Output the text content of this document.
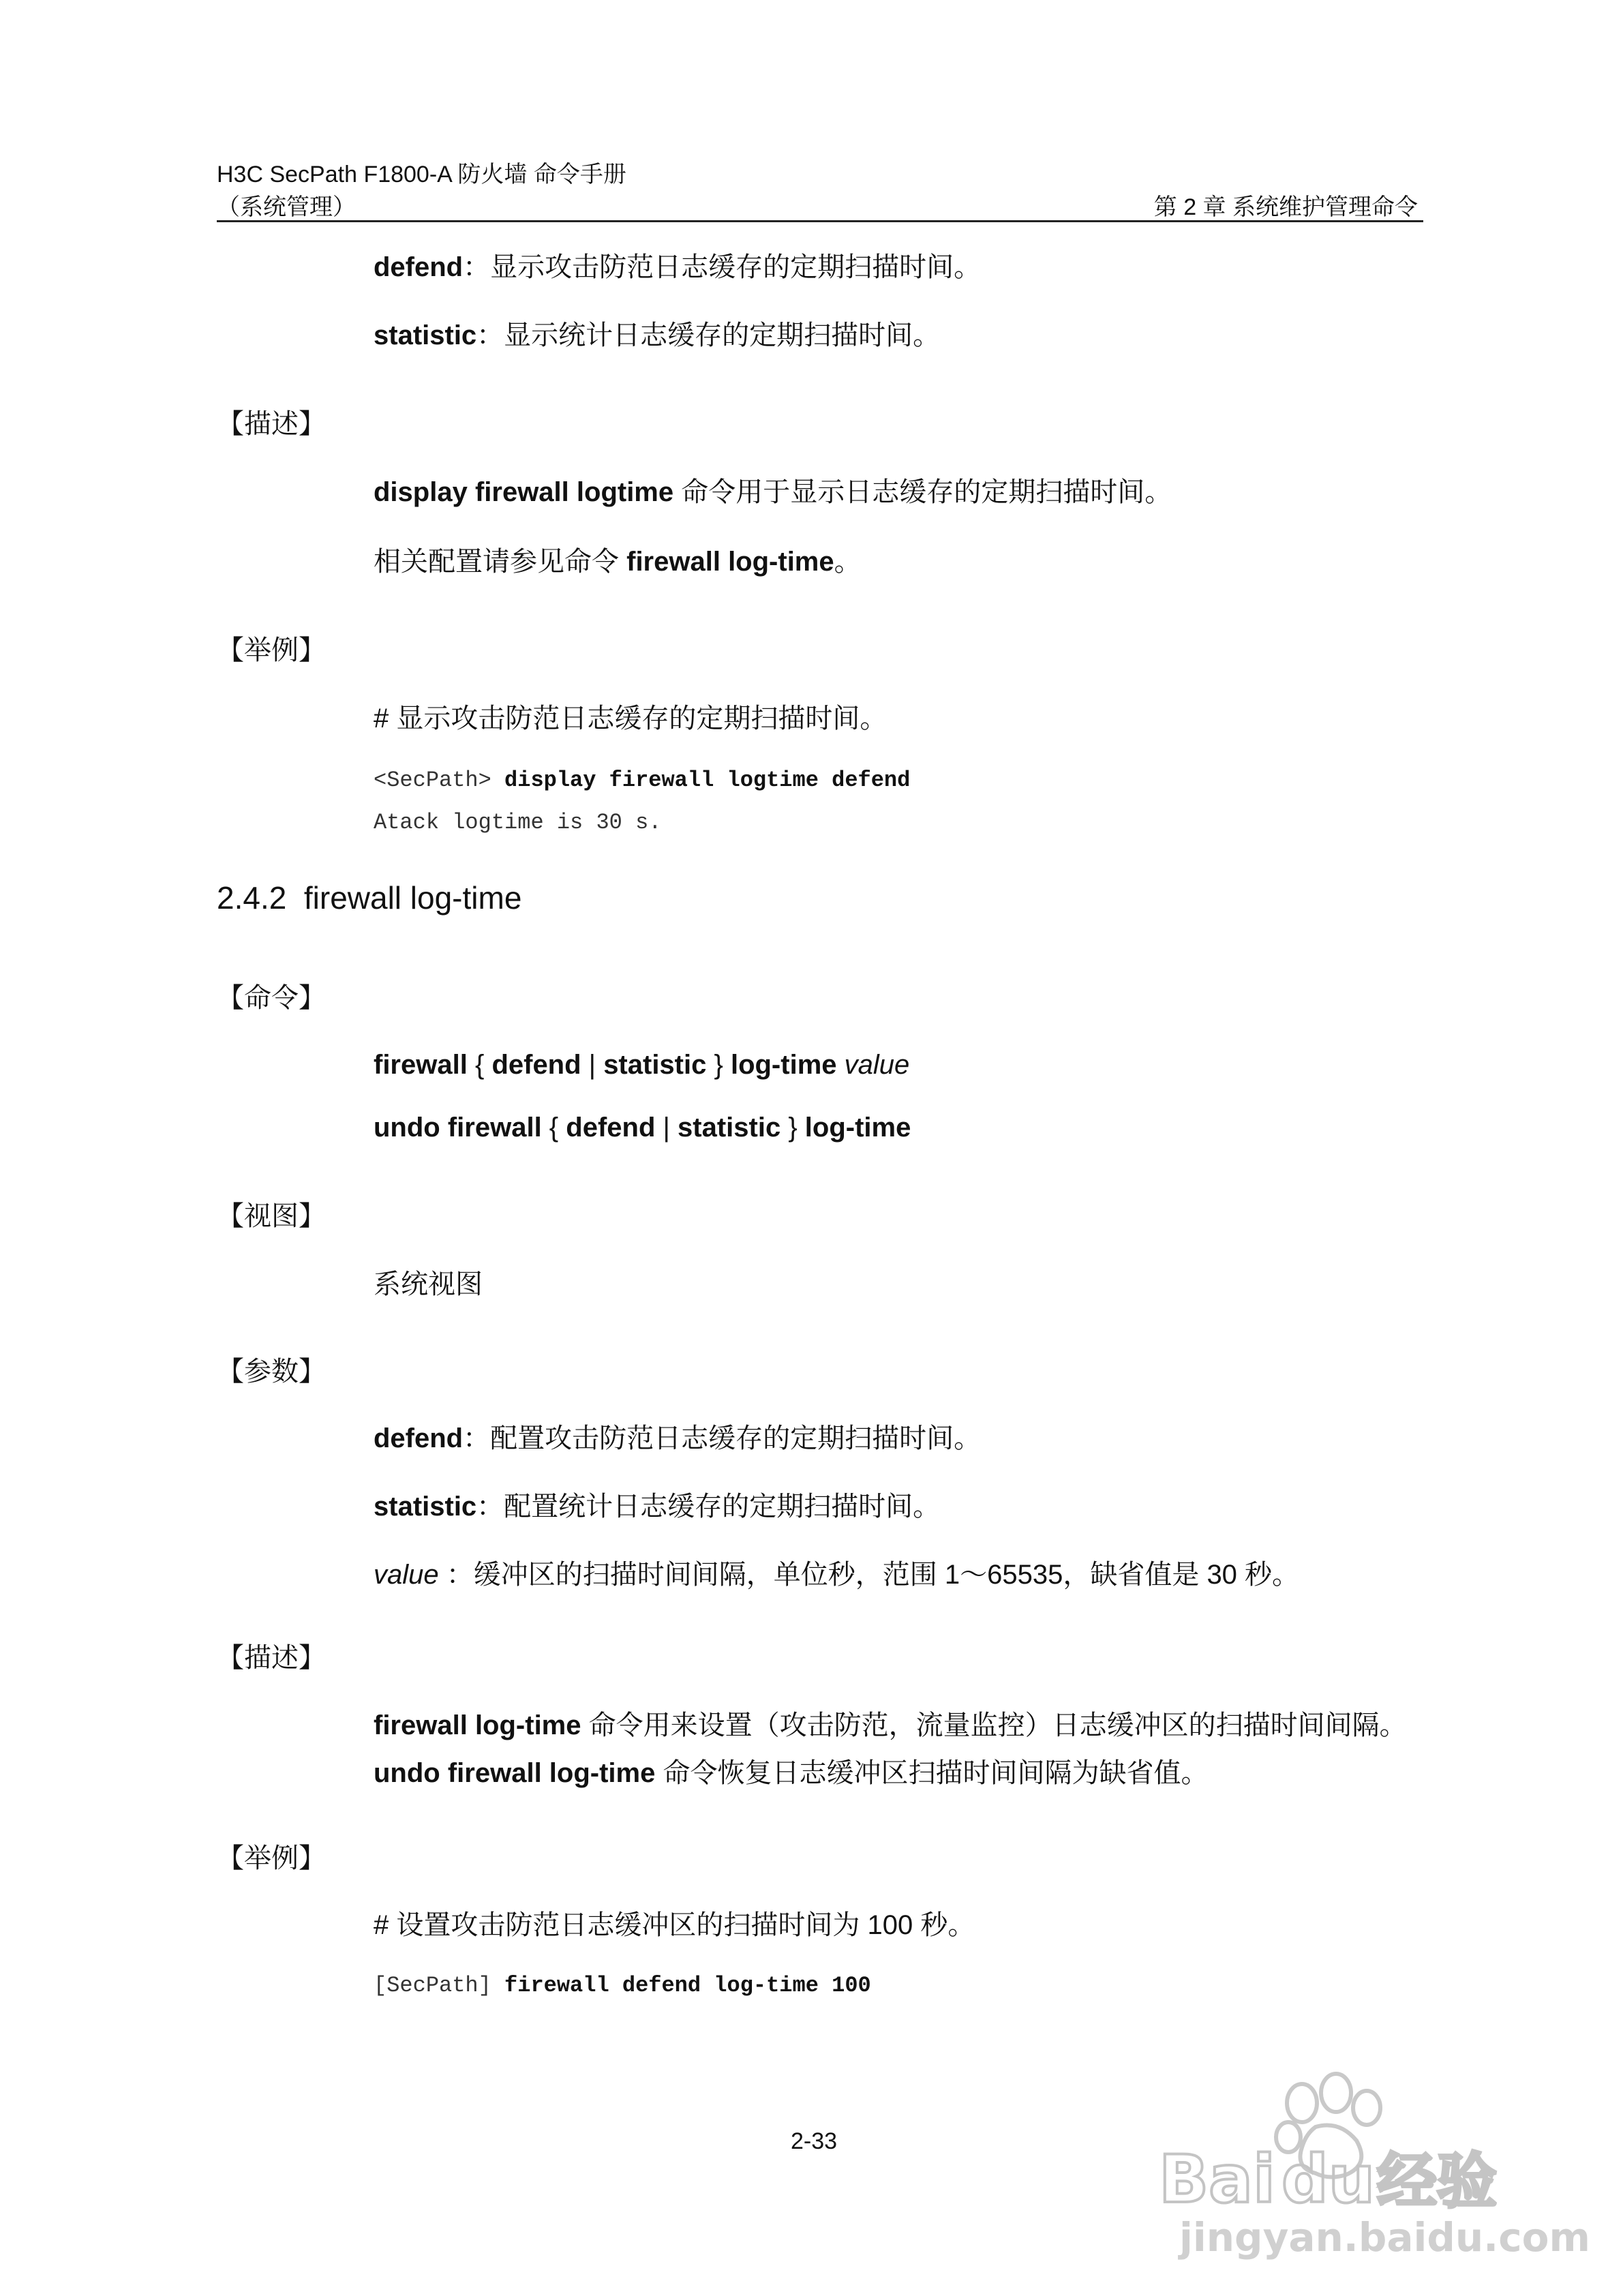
H3C SecPath F1800-A 防火墙 命令手册
（系统管理）	第 2 章 系统维护管理命令
defend：显示攻击防范日志缓存的定期扫描时间。
statistic：显示统计日志缓存的定期扫描时间。
【描述】
display firewall logtime 命令用于显示日志缓存的定期扫描时间。
相关配置请参见命令 firewall log-time。
【举例】
# 显示攻击防范日志缓存的定期扫描时间。
<SecPath> display firewall logtime defend
Atack logtime is 30 s.
2.4.2 firewall log-time
【命令】
firewall { defend | statistic } log-time value
undo firewall { defend | statistic } log-time
【视图】
系统视图
【参数】
defend：配置攻击防范日志缓存的定期扫描时间。
statistic：配置统计日志缓存的定期扫描时间。
value ：缓冲区的扫描时间间隔，单位秒，范围 1～65535，缺省值是 30 秒。
【描述】
firewall log-time 命令用来设置（攻击防范，流量监控）日志缓冲区的扫描时间间隔。undo firewall log-time 命令恢复日志缓冲区扫描时间间隔为缺省值。
【举例】
# 设置攻击防范日志缓冲区的扫描时间为 100 秒。
[SecPath] firewall defend log-time 100
2-33	Bai du 经验
jingyan.baidu.com
